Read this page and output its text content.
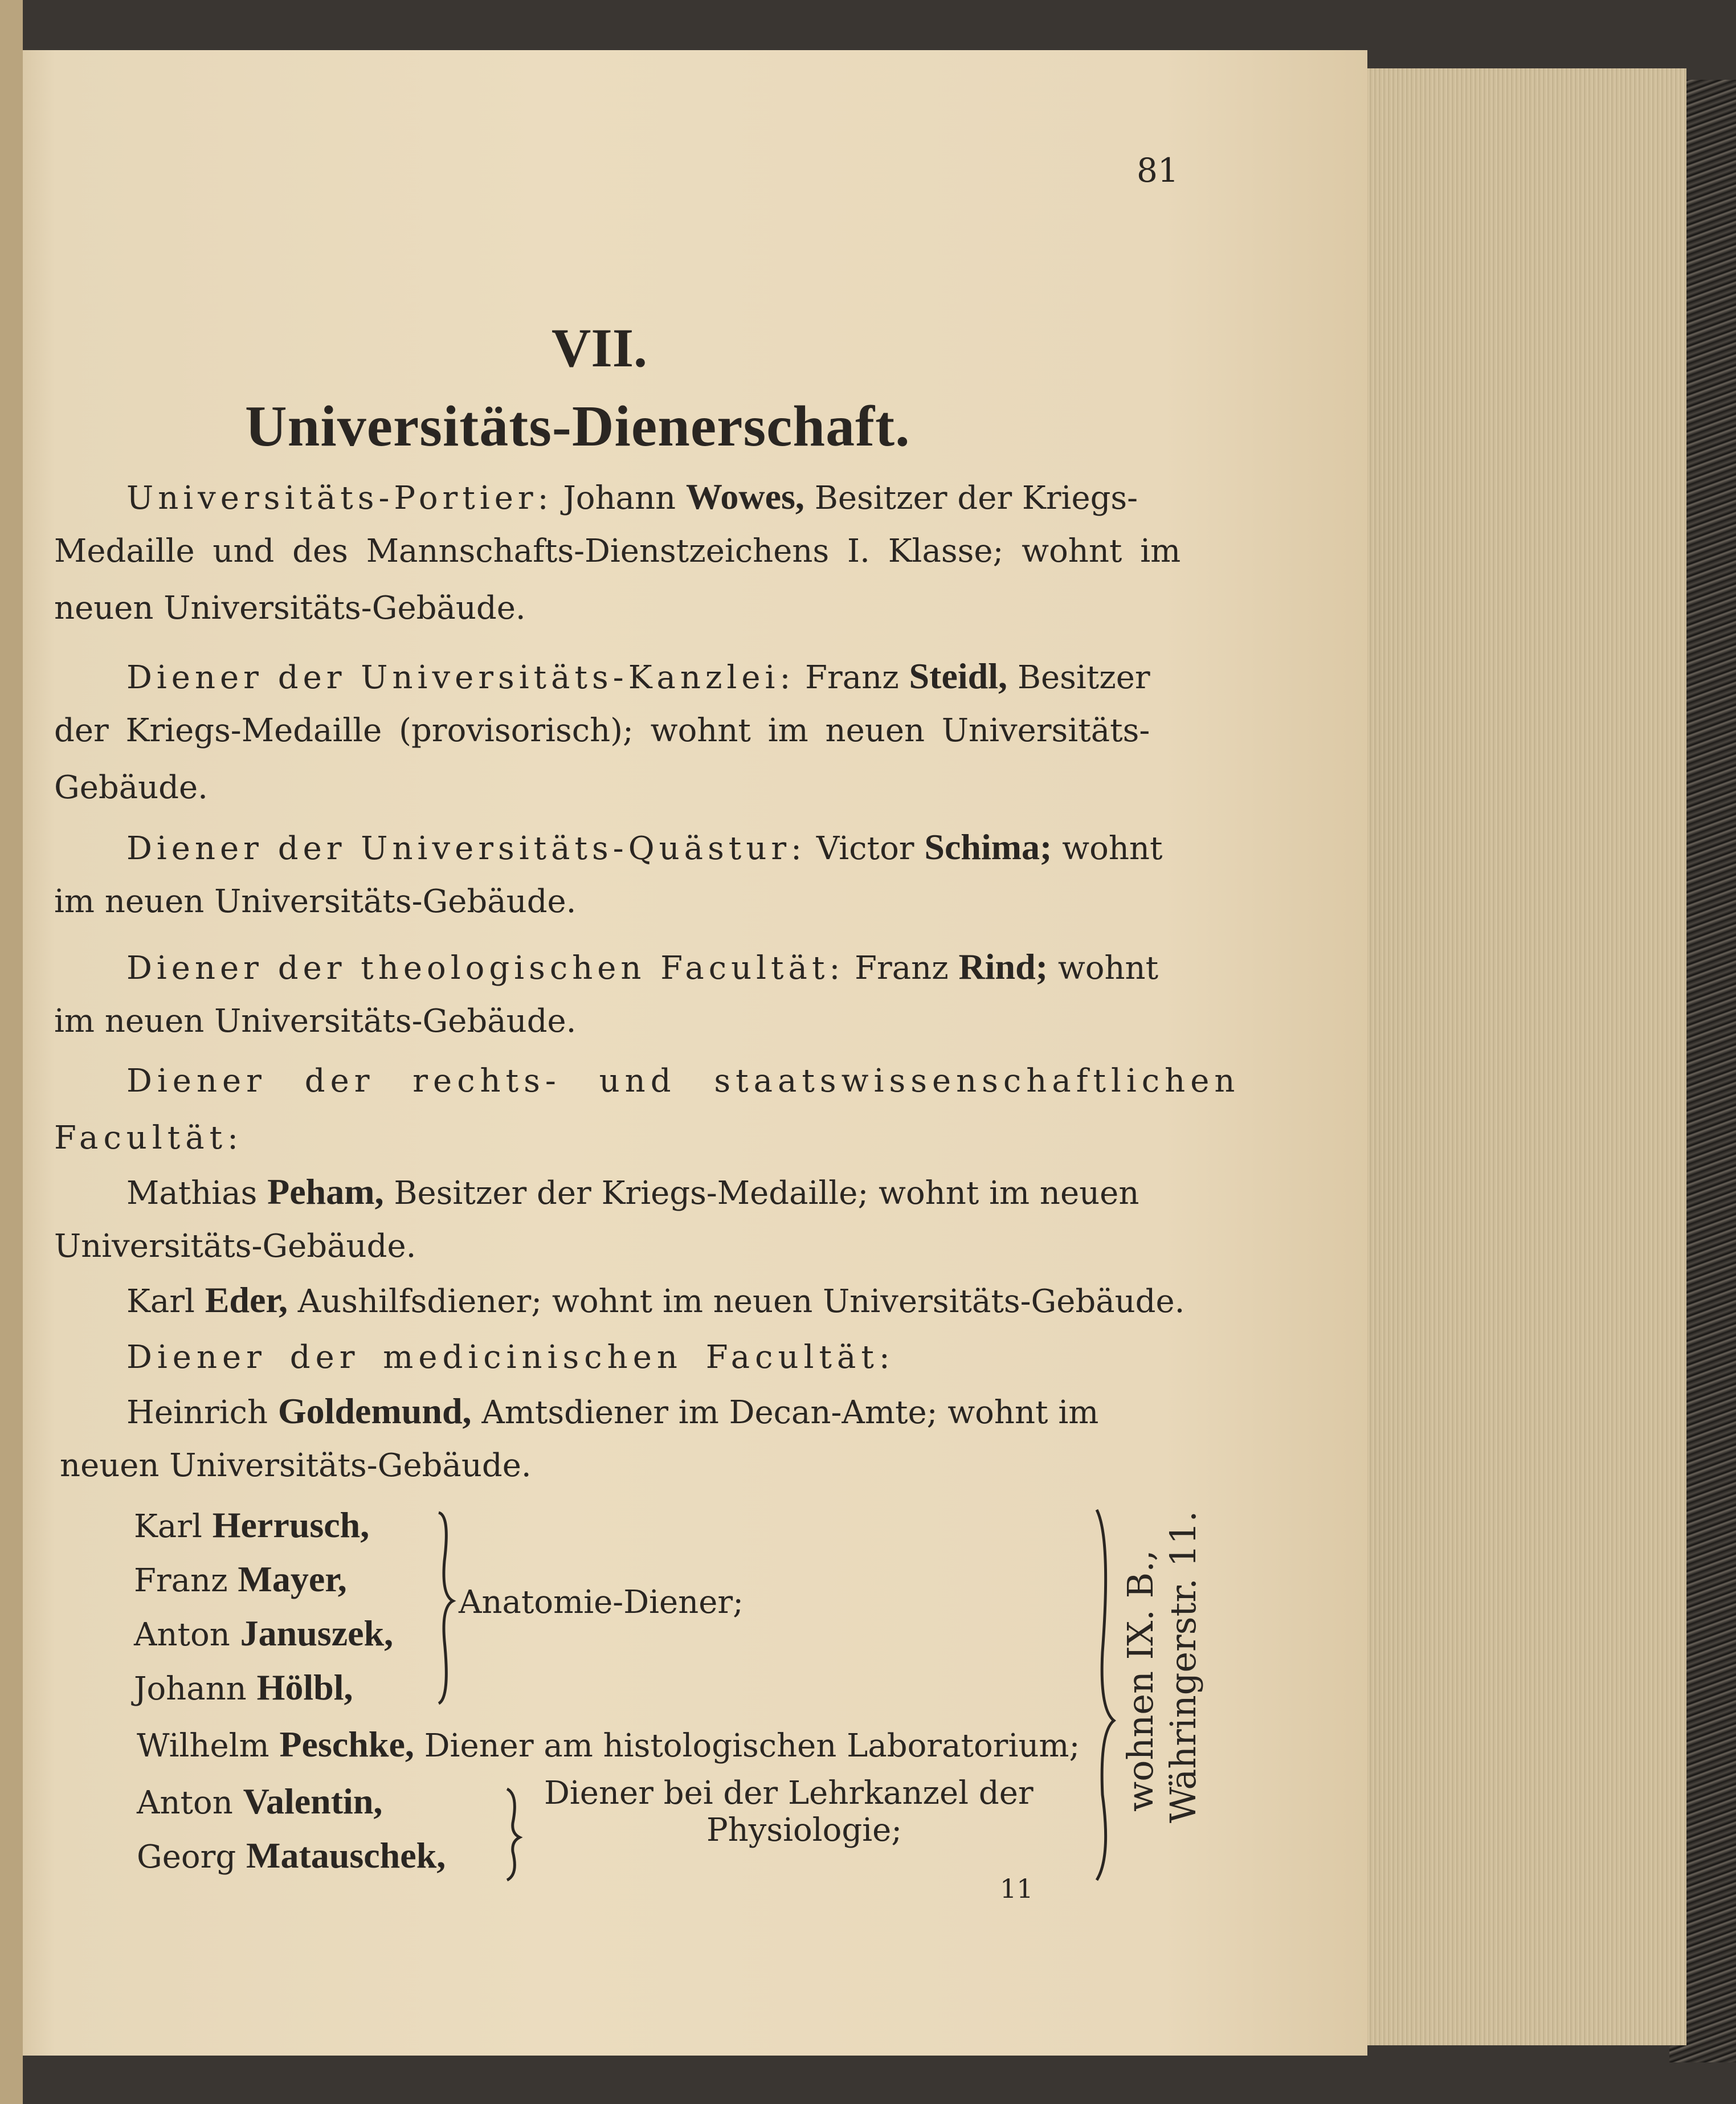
81
VII.
Universitäts-Dienerschaft.
Universitäts-Portier: Johann Wowes, Besitzer der Kriegs-
Medaille und des Mannschafts-Dienstzeichens I. Klasse; wohnt im
neuen Universitäts-Gebäude.
Diener der Universitäts-Kanzlei: Franz Steidl, Besitzer
der Kriegs-Medaille (provisorisch); wohnt im neuen Universitäts-
Gebäude.
Diener der Universitäts-Quästur: Victor Schima; wohnt
im neuen Universitäts-Gebäude.
Diener der theologischen Facultät: Franz Rind; wohnt
im neuen Universitäts-Gebäude.
Diener der rechts- und staatswissenschaftlichen
Facultät:
Mathias Peham, Besitzer der Kriegs-Medaille; wohnt im neuen
Universitäts-Gebäude.
Karl Eder, Aushilfsdiener; wohnt im neuen Universitäts-Gebäude.
Diener der medicinischen Facultät:
Heinrich Goldemund, Amtsdiener im Decan-Amte; wohnt im
neuen Universitäts-Gebäude.
Karl Herrusch,
Franz Mayer,
Anton Januszek,
Johann Hölbl,
Anatomie-Diener;
Wilhelm Peschke, Diener am histologischen Laboratorium;
Anton Valentin,
Georg Matauschek,
Diener bei der Lehrkanzel der
Physiologie;
wohnen IX. B., Währingerstr. 11.
11
